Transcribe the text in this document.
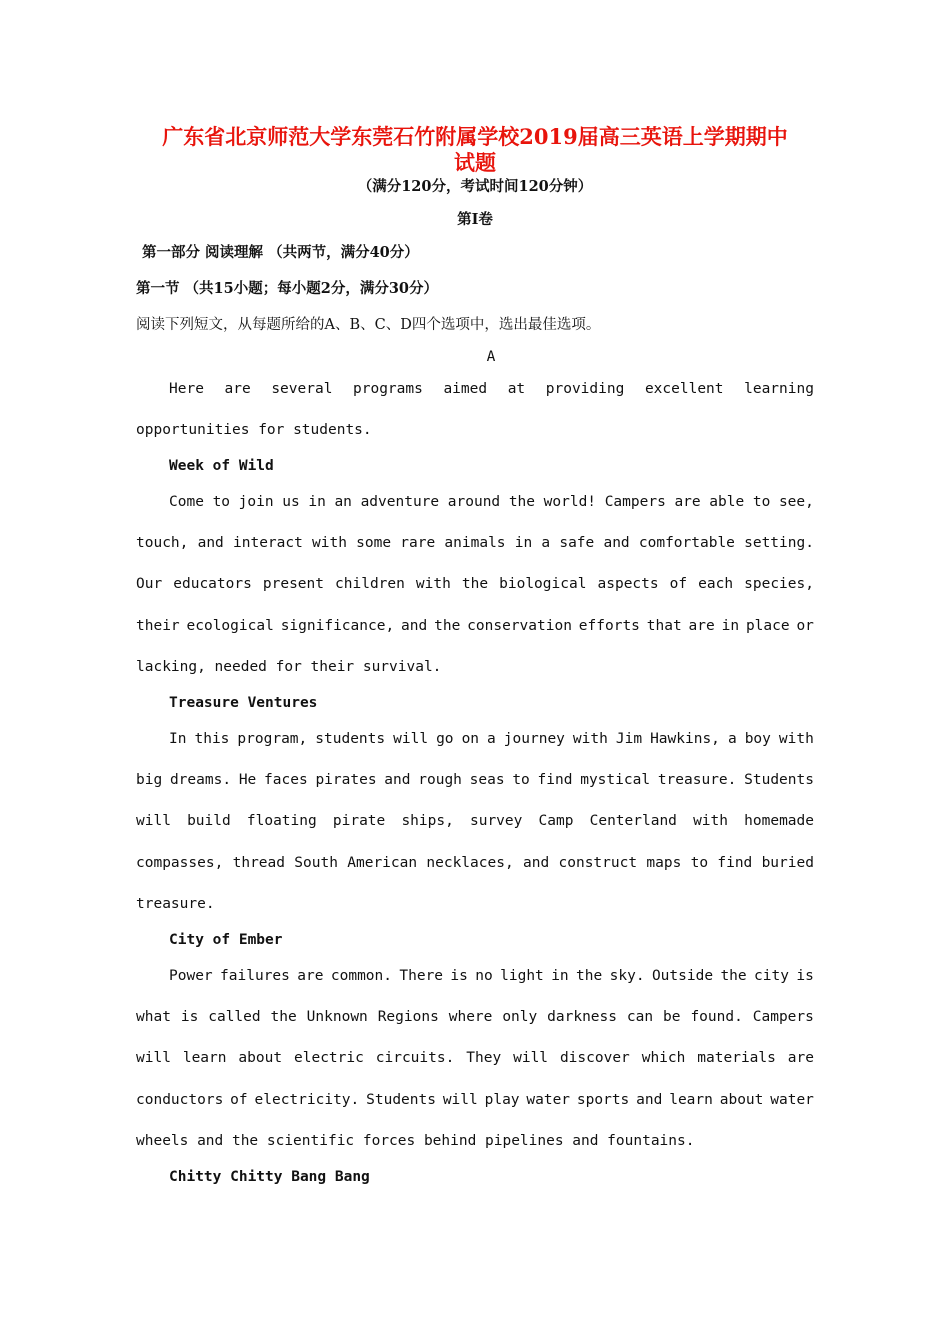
广东省北京师范大学东莞石竹附属学校2019届高三英语上学期期中
试题
（满分120分，考试时间120分钟）
第I卷
第一部分 阅读理解 （共两节，满分40分）
第一节 （共15小题；每小题2分，满分30分）
阅读下列短文，从每题所给的A、B、C、D四个选项中，选出最佳选项。
A
Here are several programs aimed at providing excellent learning
opportunities for students.
Week of Wild
Come to join us in an adventure around the world! Campers are able to see,
touch, and interact with some rare animals in a safe and comfortable setting.
Our educators present children with the biological aspects of each species,
their ecological significance, and the conservation efforts that are in place or
lacking, needed for their survival.
Treasure Ventures
In this program, students will go on a journey with Jim Hawkins, a boy with
big dreams. He faces pirates and rough seas to find mystical treasure. Students
will build floating pirate ships, survey Camp Centerland with homemade
compasses, thread South American necklaces, and construct maps to find buried
treasure.
City of Ember
Power failures are common. There is no light in the sky. Outside the city is
what is called the Unknown Regions where only darkness can be found. Campers
will learn about electric circuits. They will discover which materials are
conductors of electricity. Students will play water sports and learn about water
wheels and the scientific forces behind pipelines and fountains.
Chitty Chitty Bang Bang
